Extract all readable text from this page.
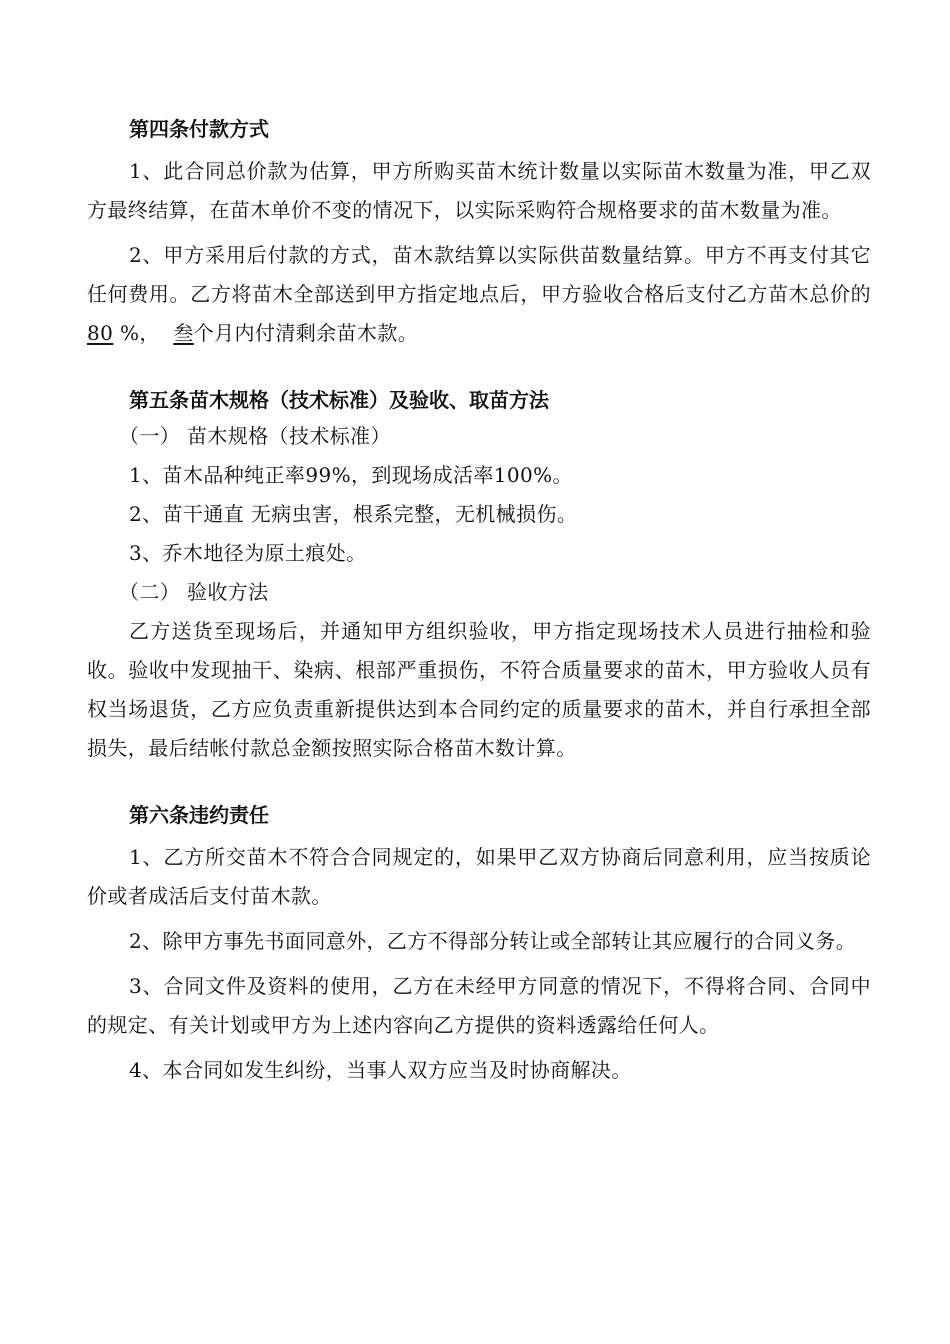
第四条付款方式

1、此合同总价款为估算，甲方所购买苗木统计数量以实际苗木数量为准，甲乙双方最终结算，在苗木单价不变的情况下，以实际采购符合规格要求的苗木数量为准。

2、甲方采用后付款的方式，苗木款结算以实际供苗数量结算。甲方不再支付其它任何费用。乙方将苗木全部送到甲方指定地点后，甲方验收合格后支付乙方苗木总价的80 %，  叁个月内付清剩余苗木款。

第五条苗木规格（技术标准）及验收、取苗方法

（一） 苗木规格（技术标准）

1、苗木品种纯正率99%，到现场成活率100%。

2、苗干通直 无病虫害，根系完整，无机械损伤。

3、乔木地径为原土痕处。

（二） 验收方法

乙方送货至现场后，并通知甲方组织验收，甲方指定现场技术人员进行抽检和验收。验收中发现抽干、染病、根部严重损伤，不符合质量要求的苗木，甲方验收人员有权当场退货，乙方应负责重新提供达到本合同约定的质量要求的苗木，并自行承担全部损失，最后结帐付款总金额按照实际合格苗木数计算。

第六条违约责任

1、乙方所交苗木不符合合同规定的，如果甲乙双方协商后同意利用，应当按质论价或者成活后支付苗木款。

2、除甲方事先书面同意外，乙方不得部分转让或全部转让其应履行的合同义务。

3、合同文件及资料的使用，乙方在未经甲方同意的情况下，不得将合同、合同中的规定、有关计划或甲方为上述内容向乙方提供的资料透露给任何人。

4、本合同如发生纠纷，当事人双方应当及时协商解决。
